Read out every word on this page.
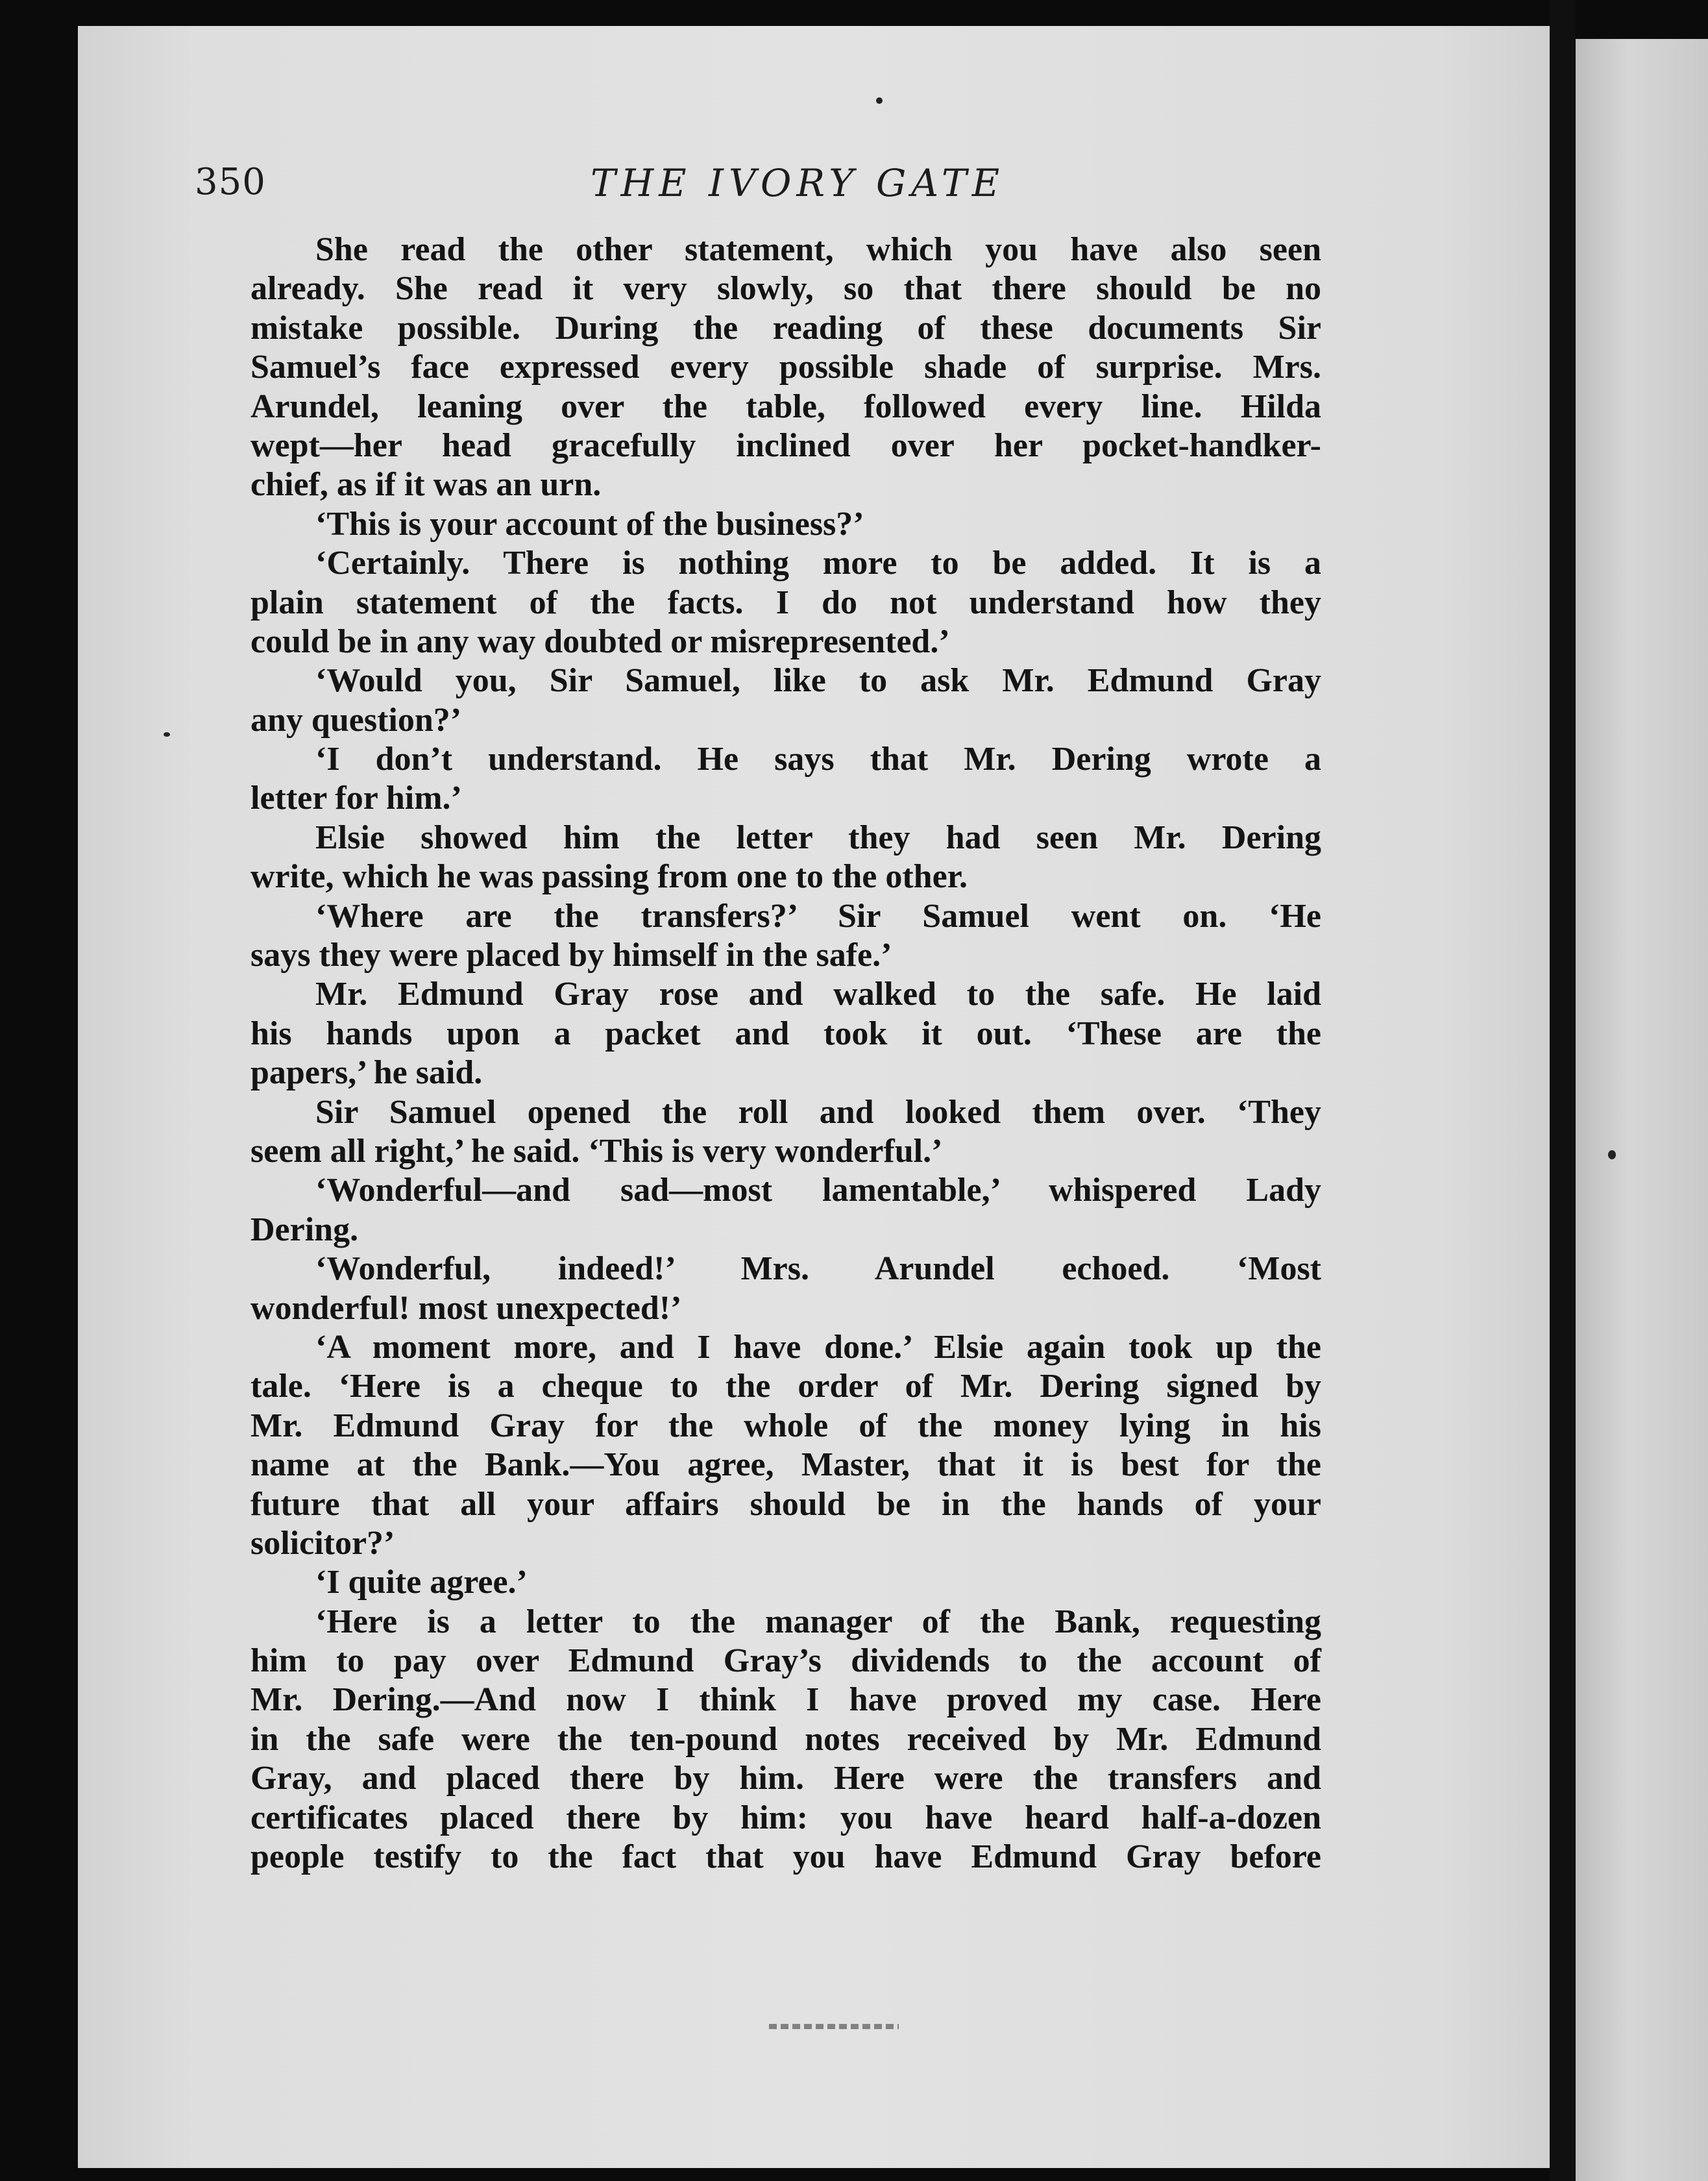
350	THE IVORY GATE
She read the other statement, which you have also seen
already. She read it very slowly, so that there should be no
mistake possible. During the reading of these documents Sir
Samuel’s face expressed every possible shade of surprise. Mrs.
Arundel, leaning over the table, followed every line. Hilda
wept—her head gracefully inclined over her pocket-handker-
chief, as if it was an urn.
‘This is your account of the business?’
‘Certainly. There is nothing more to be added. It is a
plain statement of the facts. I do not understand how they
could be in any way doubted or misrepresented.’
‘Would you, Sir Samuel, like to ask Mr. Edmund Gray
any question?’
‘I don’t understand. He says that Mr. Dering wrote a
letter for him.’
Elsie showed him the letter they had seen Mr. Dering
write, which he was passing from one to the other.
‘Where are the transfers?’ Sir Samuel went on. ‘He
says they were placed by himself in the safe.’
Mr. Edmund Gray rose and walked to the safe. He laid
his hands upon a packet and took it out. ‘These are the
papers,’ he said.
Sir Samuel opened the roll and looked them over. ‘They
seem all right,’ he said. ‘This is very wonderful.’
‘Wonderful—and sad—most lamentable,’ whispered Lady
Dering.
‘Wonderful, indeed!’ Mrs. Arundel echoed. ‘Most
wonderful! most unexpected!’
‘A moment more, and I have done.’ Elsie again took up the
tale. ‘Here is a cheque to the order of Mr. Dering signed by
Mr. Edmund Gray for the whole of the money lying in his
name at the Bank.—You agree, Master, that it is best for the
future that all your affairs should be in the hands of your
solicitor?’
‘I quite agree.’
‘Here is a letter to the manager of the Bank, requesting
him to pay over Edmund Gray’s dividends to the account of
Mr. Dering.—And now I think I have proved my case. Here
in the safe were the ten-pound notes received by Mr. Edmund
Gray, and placed there by him. Here were the transfers and
certificates placed there by him: you have heard half-a-dozen
people testify to the fact that you have Edmund Gray before
